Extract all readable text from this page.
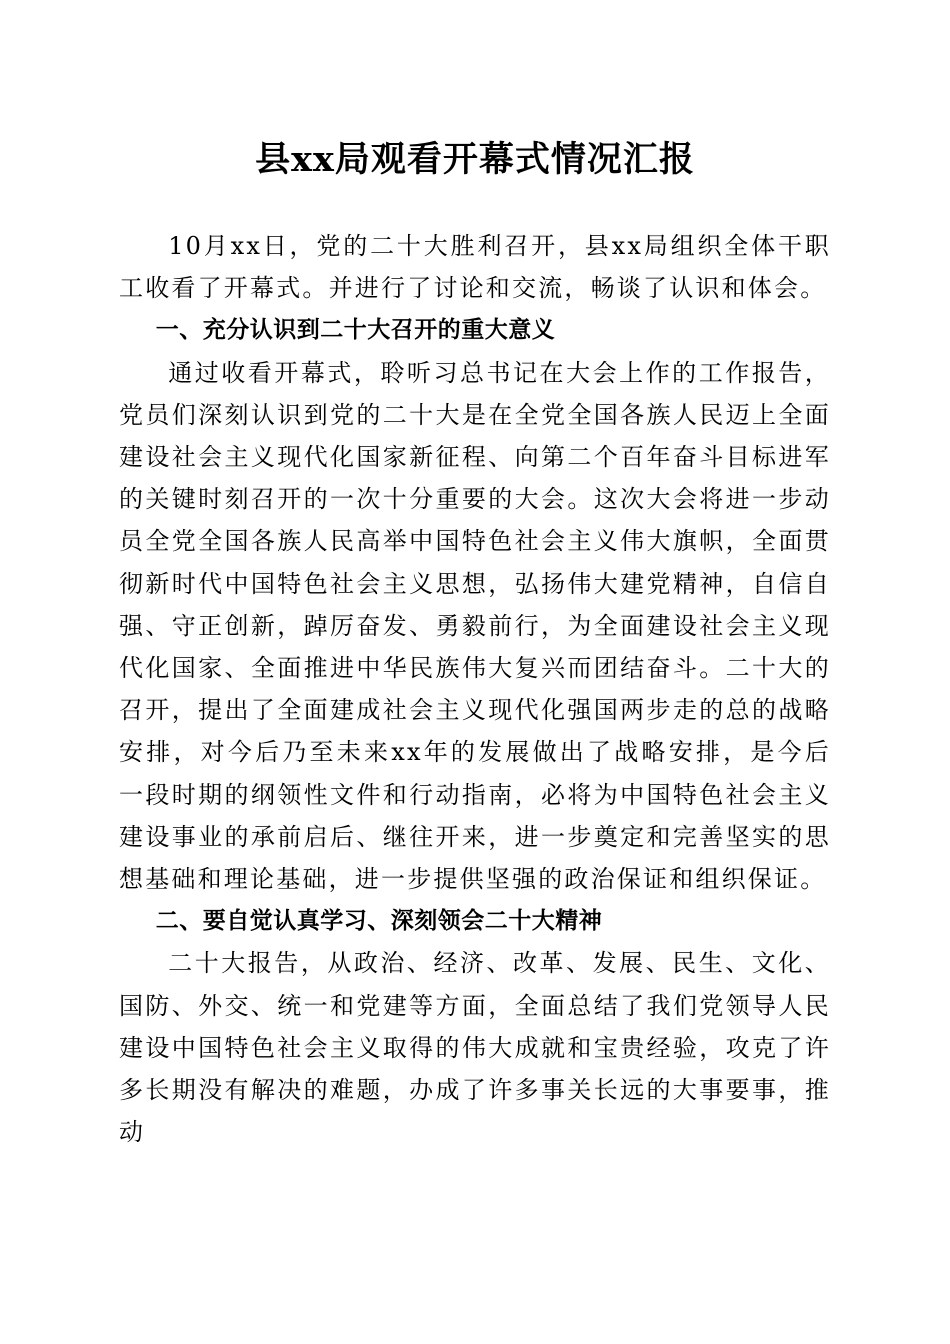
县xx局观看开幕式情况汇报

10月xx日，党的二十大胜利召开，县xx局组织全体干职工收看了开幕式。并进行了讨论和交流，畅谈了认识和体会。

一、充分认识到二十大召开的重大意义

通过收看开幕式，聆听习总书记在大会上作的工作报告，党员们深刻认识到党的二十大是在全党全国各族人民迈上全面建设社会主义现代化国家新征程、向第二个百年奋斗目标进军的关键时刻召开的一次十分重要的大会。这次大会将进一步动员全党全国各族人民高举中国特色社会主义伟大旗帜，全面贯彻新时代中国特色社会主义思想，弘扬伟大建党精神，自信自强、守正创新，踔厉奋发、勇毅前行，为全面建设社会主义现代化国家、全面推进中华民族伟大复兴而团结奋斗。二十大的召开，提出了全面建成社会主义现代化强国两步走的总的战略安排，对今后乃至未来xx年的发展做出了战略安排，是今后一段时期的纲领性文件和行动指南，必将为中国特色社会主义建设事业的承前启后、继往开来，进一步奠定和完善坚实的思想基础和理论基础，进一步提供坚强的政治保证和组织保证。

二、要自觉认真学习、深刻领会二十大精神

二十大报告，从政治、经济、改革、发展、民生、文化、国防、外交、统一和党建等方面，全面总结了我们党领导人民建设中国特色社会主义取得的伟大成就和宝贵经验，攻克了许多长期没有解决的难题，办成了许多事关长远的大事要事，推动
